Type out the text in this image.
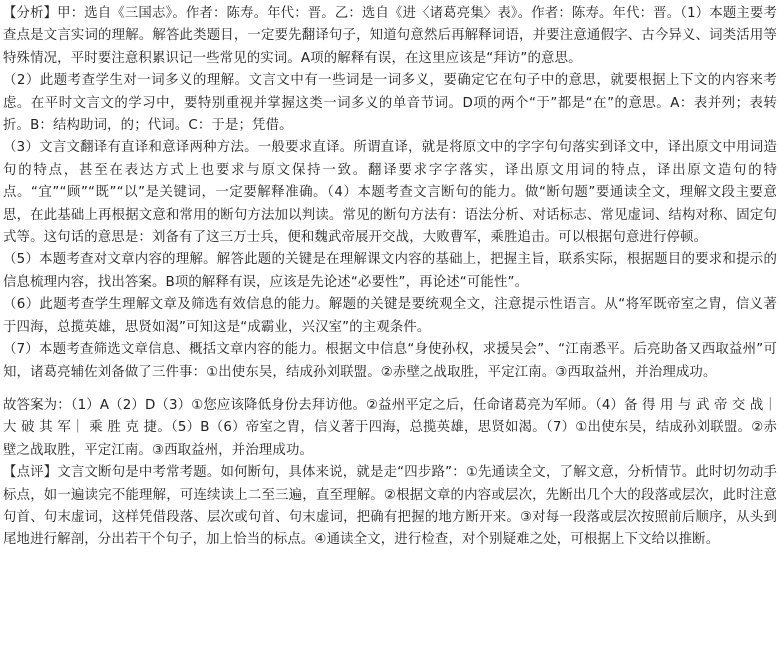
【分析】甲：选自《三国志》。作者：陈寿。年代：晋。乙：选自《进〈诸葛亮集〉表》。作者：陈寿。年代：晋。（1）本题主要考查点是文言实词的理解。解答此类题目，一定要先翻译句子，知道句意然后再解释词语，并要注意通假字、古今异义、词类活用等特殊情况，平时要注意积累识记一些常见的实词。A项的解释有误，在这里应该是“拜访”的意思。

（2）此题考查学生对一词多义的理解。文言文中有一些词是一词多义，要确定它在句子中的意思，就要根据上下文的内容来考虑。在平时文言文的学习中，要特别重视并掌握这类一词多义的单音节词。D项的两个“于”都是“在”的意思。A：表并列；表转折。B：结构助词，的；代词。C：于是；凭借。

（3）文言文翻译有直译和意译两种方法。一般要求直译。所谓直译，就是将原文中的字字句句落实到译文中，译出原文中用词造句的特点，甚至在表达方式上也要求与原文保持一致。翻译要求字字落实，译出原文用词的特点，译出原文造句的特点。“宜”“顾”“既”“以”是关键词，一定要解释准确。（4）本题考查文言断句的能力。做“断句题”要通读全文，理解文段主要意思，在此基础上再根据文意和常用的断句方法加以判读。常见的断句方法有：语法分析、对话标志、常见虚词、结构对称、固定句式等。这句话的意思是：刘备有了这三万士兵，便和魏武帝展开交战，大败曹军，乘胜追击。可以根据句意进行停顿。

（5）本题考查对文章内容的理解。解答此题的关键是在理解课文内容的基础上，把握主旨，联系实际，根据题目的要求和提示的信息梳理内容，找出答案。B项的解释有误，应该是先论述“必要性”，再论述“可能性”。

（6）此题考查学生理解文章及筛选有效信息的能力。解题的关键是要统观全文，注意提示性语言。从“将军既帝室之胄，信义著于四海，总揽英雄，思贤如渴”可知这是“成霸业，兴汉室”的主观条件。

（7）本题考查筛选文章信息、概括文章内容的能力。根据文中信息“身使孙权，求援吴会”、“江南悉平。后亮助备又西取益州”可知，诸葛亮辅佐刘备做了三件事：①出使东吴，结成孙刘联盟。②赤壁之战取胜，平定江南。③西取益州，并治理成功。

故答案为：（1）A（2）D（3）①您应该降低身份去拜访他。②益州平定之后，任命诸葛亮为军师。（4）备 得 用 与 武 帝 交 战｜ 大 破 其 军｜ 乘 胜 克 捷。（5）B（6）帝室之胄，信义著于四海，总揽英雄，思贤如渴。（7）①出使东吴，结成孙刘联盟。②赤壁之战取胜，平定江南。③西取益州，并治理成功。

【点评】文言文断句是中考常考题。如何断句，具体来说，就是走“四步路”：①先通读全文，了解文意，分析情节。此时切勿动手标点，如一遍读完不能理解，可连续读上二至三遍，直至理解。②根据文章的内容或层次，先断出几个大的段落或层次，此时注意句首、句末虚词，这样凭借段落、层次或句首、句末虚词，把确有把握的地方断开来。③对每一段落或层次按照前后顺序，从头到尾地进行解剖，分出若干个句子，加上恰当的标点。④通读全文，进行检查，对个别疑难之处，可根据上下文给以推断。
